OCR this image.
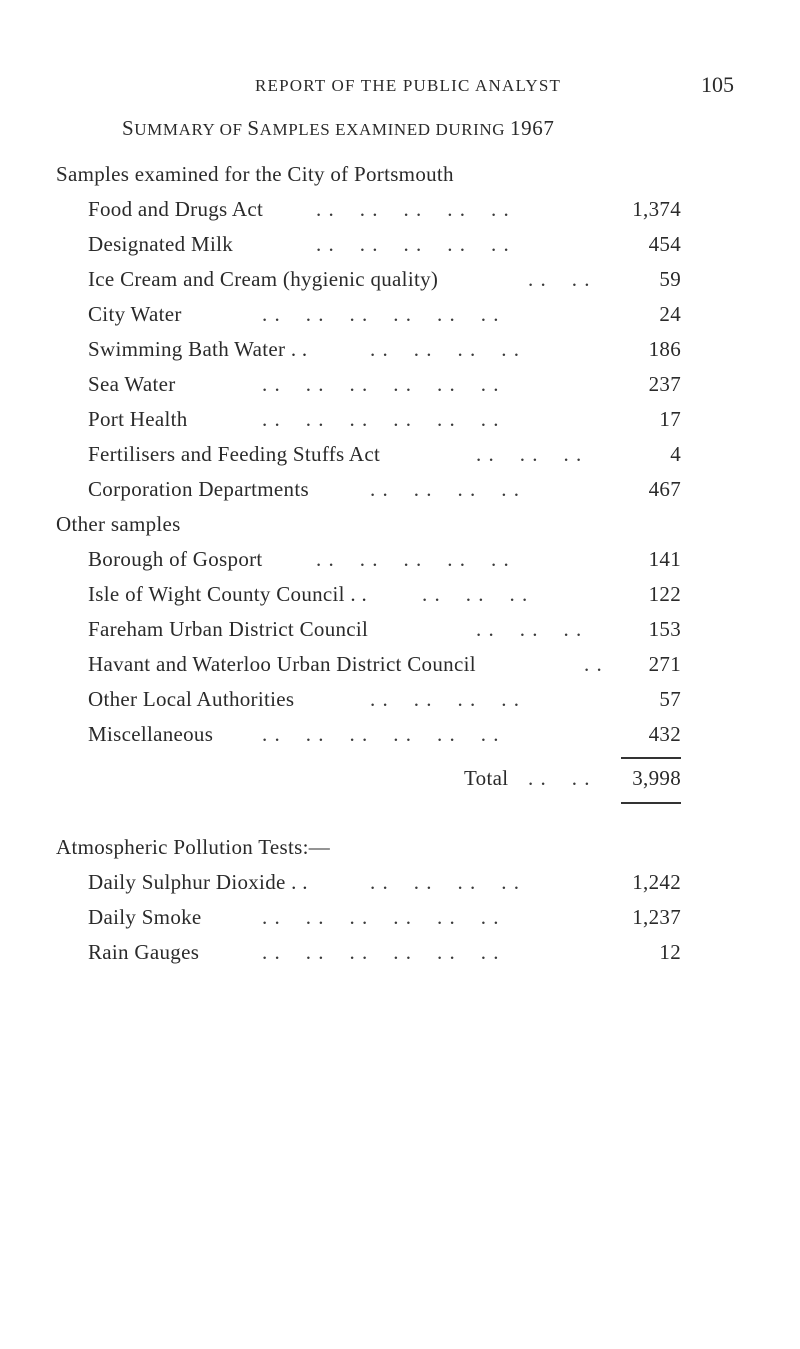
REPORT OF THE PUBLIC ANALYST	105
SUMMARY OF SAMPLES EXAMINED DURING 1967
Samples examined for the City of Portsmouth
Food and Drugs Act	. .    . .    . .    . .    . .	1,374
Designated Milk	. .    . .    . .    . .    . .	454
Ice Cream and Cream (hygienic quality)	. .    . .	59
City Water	. .    . .    . .    . .    . .    . .	24
Swimming Bath Water . .	. .    . .    . .    . .	186
Sea Water	. .    . .    . .    . .    . .    . .	237
Port Health	. .    . .    . .    . .    . .    . .	17
Fertilisers and Feeding Stuffs Act	. .    . .    . .	4
Corporation Departments	. .    . .    . .    . .	467
Other samples
Borough of Gosport	. .    . .    . .    . .    . .	141
Isle of Wight County Council . .	. .    . .    . .	122
Fareham Urban District Council	. .    . .    . .	153
Havant and Waterloo Urban District Council	. . 271
Other Local Authorities	. .    . .    . .    . .	57
Miscellaneous . .    . .    . .    . .    . .    . .	432
Total . .    . . 3,998
Atmospheric Pollution Tests:—
Daily Sulphur Dioxide . .	. .    . .    . .    . .	1,242
Daily Smoke	. .    . .    . .    . .    . .    . .	1,237
Rain Gauges	. .    . .    . .    . .    . .    . .	12
